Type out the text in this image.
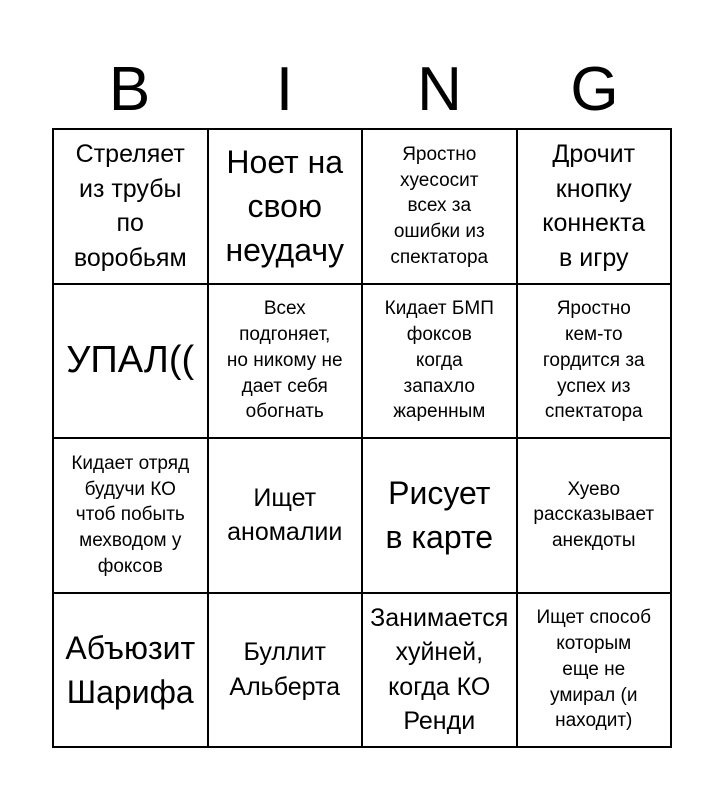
B	I	N	G
Стреляет
из трубы
по
воробьям
Ноет на
свою
неудачу
Яростно
хуесосит
всех за
ошибки из
спектатора
Дрочит
кнопку
коннекта
в игру
УПАЛ((
Всех
подгоняет,
но никому не
дает себя
обогнать
Кидает БМП
фоксов
когда
запахло
жаренным
Яростно
кем-то
гордится за
успех из
спектатора
Кидает отряд
будучи КО
чтоб побыть
мехводом у
фоксов
Ищет
аномалии
Рисует
в карте
Хуево
рассказывает
анекдоты
Абъюзит
Шарифа
Буллит
Альберта
Занимается
хуйней,
когда КО
Ренди
Ищет способ
которым
еще не
умирал (и
находит)
